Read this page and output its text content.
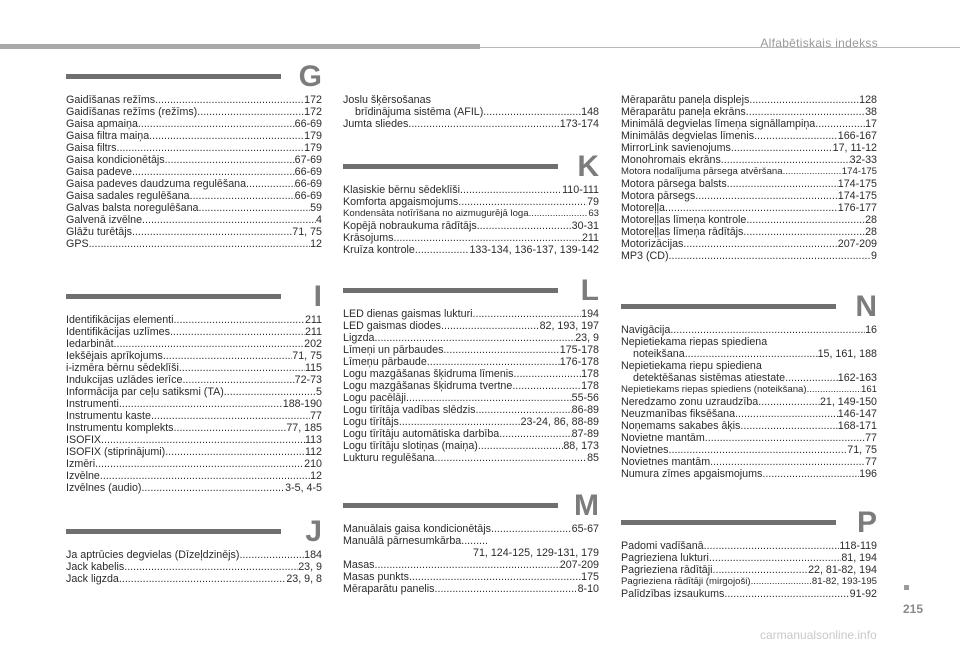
Alfabētiskais indekss
G
Gaidīšanas režīms .....	172
Gaidīšanas režīms (režīms) .....	172
Gaisa apmaiņa .....	66-69
Gaisa filtra maiņa .....	179
Gaisa filtrs .....	179
Gaisa kondicionētājs .....	67-69
Gaisa padeve .....	66-69
Gaisa padeves daudzuma regulēšana .....	66-69
Gaisa sadales regulēšana .....	66-69
Galvas balsta noregulēšana .....	59
Galvenā izvēlne .....	4
Glāžu turētājs .....	71, 75
GPS .....	12
I
Identifikācijas elementi .....	211
Identifikācijas uzlīmes .....	211
Iedarbināt .....	202
Iekšējais aprīkojums .....	71, 75
i-izmēra bērnu sēdeklīši .....	115
Indukcijas uzlādes ierīce .....	72-73
Informācija par ceļu satiksmi (TA) .....	5
Instrumenti .....	188-190
Instrumentu kaste .....	77
Instrumentu komplekts .....	77, 185
ISOFIX .....	113
ISOFIX (stiprinājumi) .....	112
Izmēri .....	210
Izvēlne .....	12
Izvēlnes (audio) .....	3-5, 4-5
J
Ja aptrūcies degvielas (Dīzeļdzinējs) .....	184
Jack kabelis .....	23, 9
Jack ligzda .....	23, 9, 8
Joslu šķērsošanas
brīdinājuma sistēma (AFIL) .....	148
Jumta sliedes .....	173-174
K
Klasiskie bērnu sēdeklīši .....	110-111
Komforta apgaismojums .....	79
Kondensāta notīrīšana no aizmugurējā loga .....	63
Kopējā nobraukuma rādītājs .....	30-31
Krāsojums .....	211
Kruīza kontrole .....	133-134, 136-137, 139-142
L
LED dienas gaismas lukturi .....	194
LED gaismas diodes .....	82, 193, 197
Ligzda .....	23, 9
Līmeņi un pārbaudes .....	175-178
Līmeņu pārbaude .....	176-178
Logu mazgāšanas šķidruma līmenis .....	178
Logu mazgāšanas šķidruma tvertne .....	178
Logu pacēlāji .....	55-56
Logu tīrītāja vadības slēdzis .....	86-89
Logu tīrītājs .....	23-24, 86, 88-89
Logu tīrītāju automātiska darbība .....	87-89
Logu tīrītāju slotiņas (maiņa) .....	88, 173
Lukturu regulēšana .....	85
M
Manuālais gaisa kondicionētājs .....	65-67
Manuālā pārnesumkārba.........
71, 124-125, 129-131, 179
Masas .....	207-209
Masas punkts .....	175
Mēraparātu panelis .....	8-10
Mēraparātu paneļa displejs .....	128
Mēraparātu paneļa ekrāns .....	38
Minimālā degvielas līmeņa signāllampiņa .....	17
Minimālās degvielas līmenis .....	166-167
MirrorLink savienojums .....	17, 11-12
Monohromais ekrāns .....	32-33
Motora nodalījuma pārsega atvēršana .....	174-175
Motora pārsega balsts .....	174-175
Motora pārsegs .....	174-175
Motoreļļa .....	176-177
Motoreļļas līmeņa kontrole .....	28
Motoreļļas līmeņa rādītājs .....	28
Motorizācijas .....	207-209
MP3 (CD) .....	9
N
Navigācija .....	16
Nepietiekama riepas spiediena
noteikšana .....	15, 161, 188
Nepietiekama riepu spiediena
detektēšanas sistēmas atiestate .....	162-163
Nepietiekams riepas spiediens (noteikšana) .....	161
Neredzamo zonu uzraudzība .....	21, 149-150
Neuzmanības fiksēšana .....	146-147
Noņemams sakabes āķis .....	168-171
Novietne mantām .....	77
Novietnes .....	71, 75
Novietnes mantām .....	77
Numura zīmes apgaismojums .....	196
P
Padomi vadīšanā .....	118-119
Pagrieziena lukturi .....	81, 194
Pagrieziena rādītāji .....	22, 81-82, 194
Pagrieziena rādītāji (mirgojoši) .....	81-82, 193-195
Palīdzības izsaukums .....	91-92
215
carmanualsonline.info
